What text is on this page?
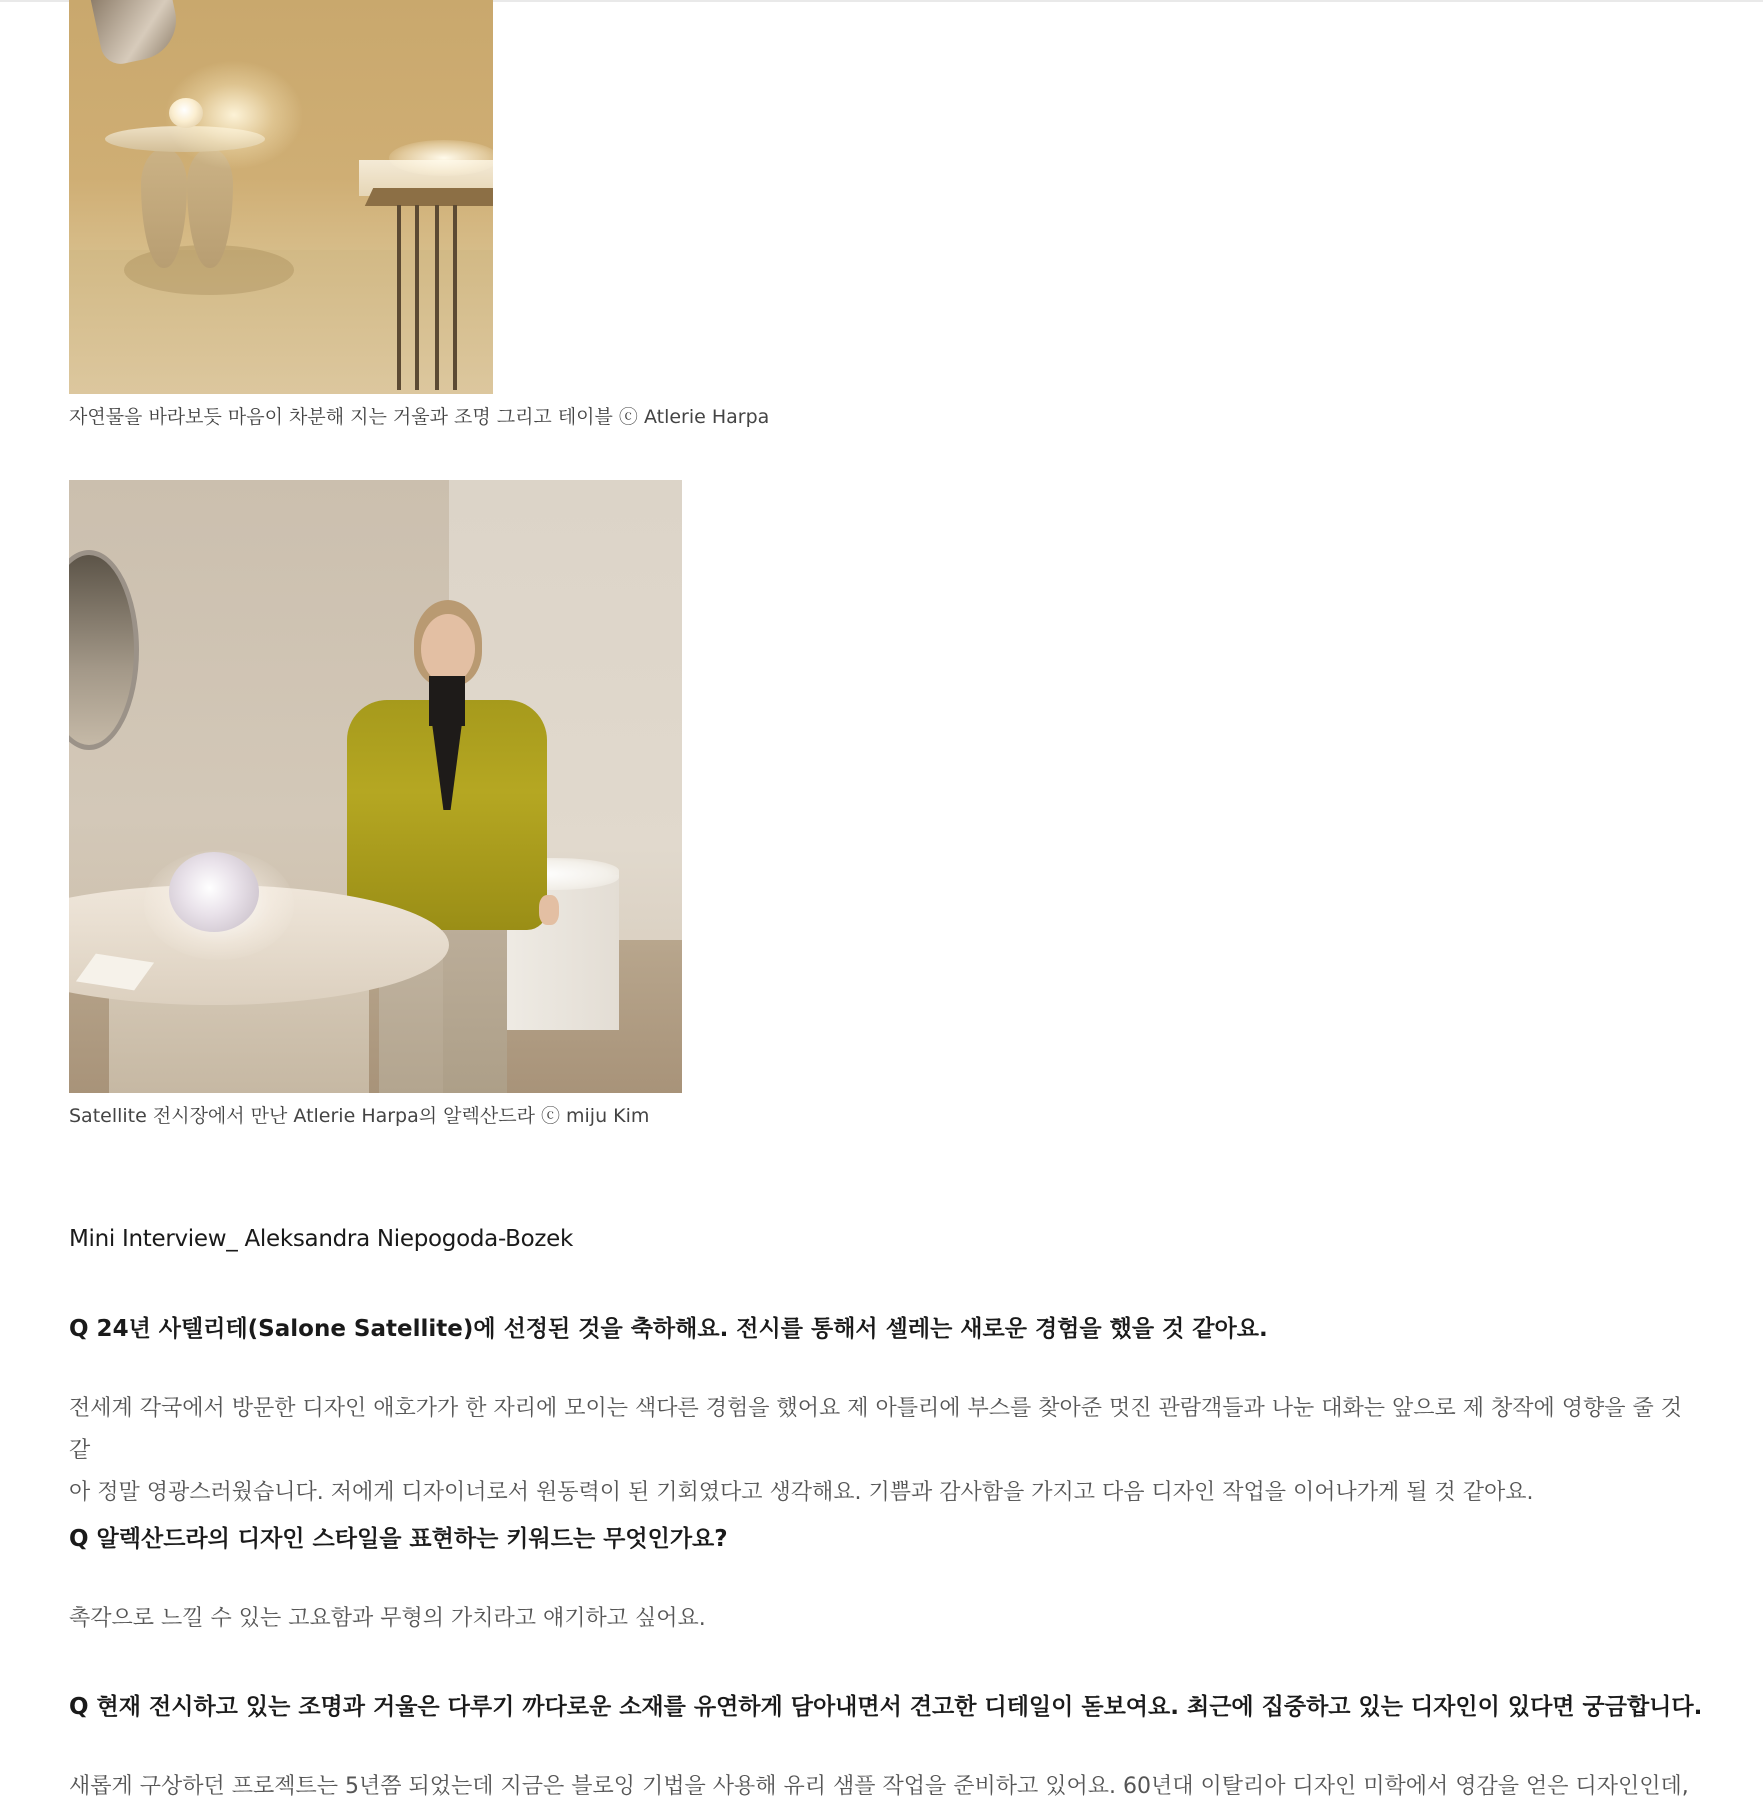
자연물을 바라보듯 마음이 차분해 지는 거울과 조명 그리고 테이블 ⓒ Atlerie Harpa
Satellite 전시장에서 만난 Atlerie Harpa의 알렉산드라 ⓒ miju Kim

Mini Interview_ Aleksandra Niepogoda-Bozek

Q 24년 사텔리테(Salone Satellite)에 선정된 것을 축하해요. 전시를 통해서 셀레는 새로운 경험을 했을 것 같아요.

전세계 각국에서 방문한 디자인 애호가가 한 자리에 모이는 색다른 경험을 했어요 제 아틀리에 부스를 찾아준 멋진 관람객들과 나눈 대화는 앞으로 제 창작에 영향을 줄 것 같
아 정말 영광스러웠습니다. 저에게 디자이너로서 원동력이 된 기회였다고 생각해요. 기쁨과 감사함을 가지고 다음 디자인 작업을 이어나가게 될 것 같아요.

Q 알렉산드라의 디자인 스타일을 표현하는 키워드는 무엇인가요?

촉각으로 느낄 수 있는 고요함과 무형의 가치라고 얘기하고 싶어요.

Q 현재 전시하고 있는 조명과 거울은 다루기 까다로운 소재를 유연하게 담아내면서 견고한 디테일이 돋보여요. 최근에 집중하고 있는 디자인이 있다면 궁금합니다.

새롭게 구상하던 프로젝트는 5년쯤 되었는데 지금은 블로잉 기법을 사용해 유리 샘플 작업을 준비하고 있어요. 60년대 이탈리아 디자인 미학에서 영감을 얻은 디자인인데,
